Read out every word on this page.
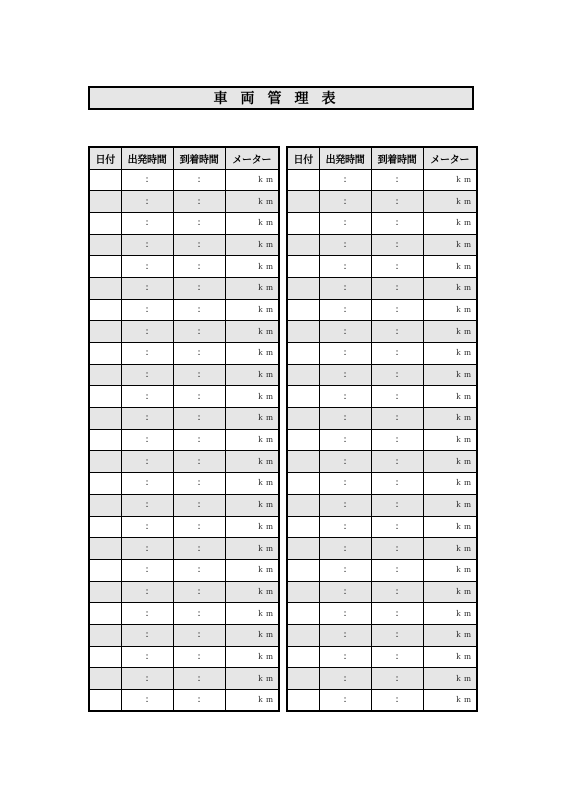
車両管理表
日付	出発時間	到着時間	メーター
	:	:	ｋｍ
	:	:	ｋｍ
	:	:	ｋｍ
	:	:	ｋｍ
	:	:	ｋｍ
	:	:	ｋｍ
	:	:	ｋｍ
	:	:	ｋｍ
	:	:	ｋｍ
	:	:	ｋｍ
	:	:	ｋｍ
	:	:	ｋｍ
	:	:	ｋｍ
	:	:	ｋｍ
	:	:	ｋｍ
	:	:	ｋｍ
	:	:	ｋｍ
	:	:	ｋｍ
	:	:	ｋｍ
	:	:	ｋｍ
	:	:	ｋｍ
	:	:	ｋｍ
	:	:	ｋｍ
	:	:	ｋｍ
	:	:	ｋｍ
日付	出発時間	到着時間	メーター
	:	:	ｋｍ
	:	:	ｋｍ
	:	:	ｋｍ
	:	:	ｋｍ
	:	:	ｋｍ
	:	:	ｋｍ
	:	:	ｋｍ
	:	:	ｋｍ
	:	:	ｋｍ
	:	:	ｋｍ
	:	:	ｋｍ
	:	:	ｋｍ
	:	:	ｋｍ
	:	:	ｋｍ
	:	:	ｋｍ
	:	:	ｋｍ
	:	:	ｋｍ
	:	:	ｋｍ
	:	:	ｋｍ
	:	:	ｋｍ
	:	:	ｋｍ
	:	:	ｋｍ
	:	:	ｋｍ
	:	:	ｋｍ
	:	:	ｋｍ
